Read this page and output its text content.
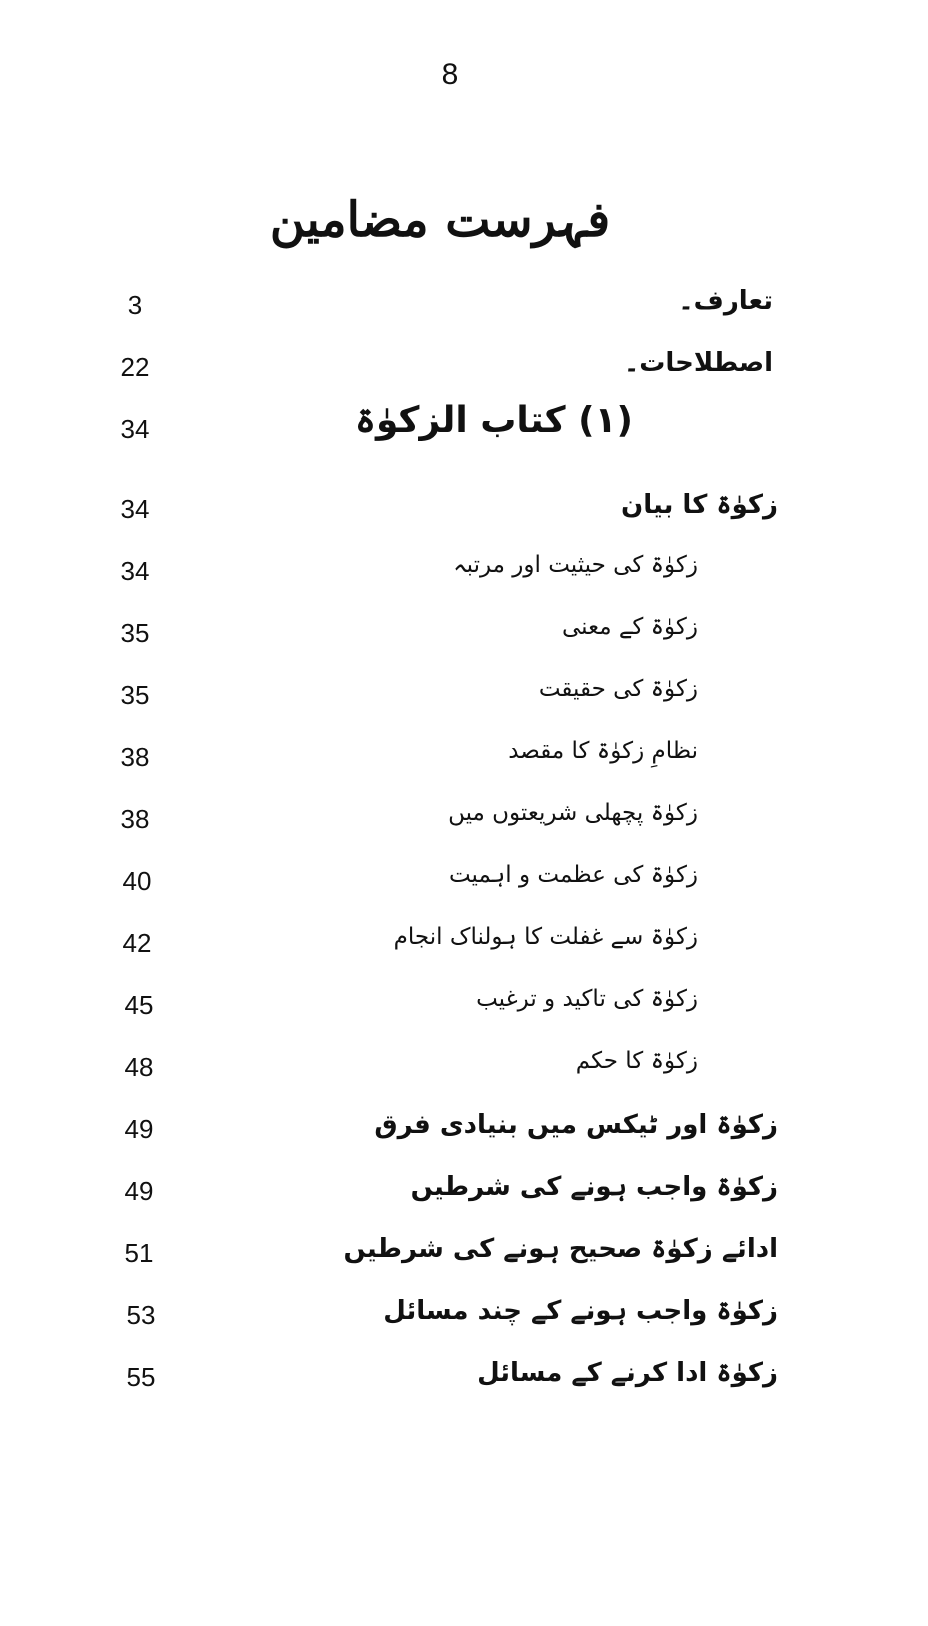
8
فہرست مضامین
3	تعارف۔
22	اصطلاحات۔
34	(۱) کتاب الزکوٰۃ
34	زکوٰۃ کا بیان
34	زکوٰۃ کی حیثیت اور مرتبہ
35	زکوٰۃ کے معنی
35	زکوٰۃ کی حقیقت
38	نظامِ زکوٰۃ کا مقصد
38	زکوٰۃ پچھلی شریعتوں میں
40	زکوٰۃ کی عظمت و اہمیت
42	زکوٰۃ سے غفلت کا ہولناک انجام
45	زکوٰۃ کی تاکید و ترغیب
48	زکوٰۃ کا حکم
49	زکوٰۃ اور ٹیکس میں بنیادی فرق
49	زکوٰۃ واجب ہونے کی شرطیں
51	ادائے زکوٰۃ صحیح ہونے کی شرطیں
53	زکوٰۃ واجب ہونے کے چند مسائل
55	زکوٰۃ ادا کرنے کے مسائل
